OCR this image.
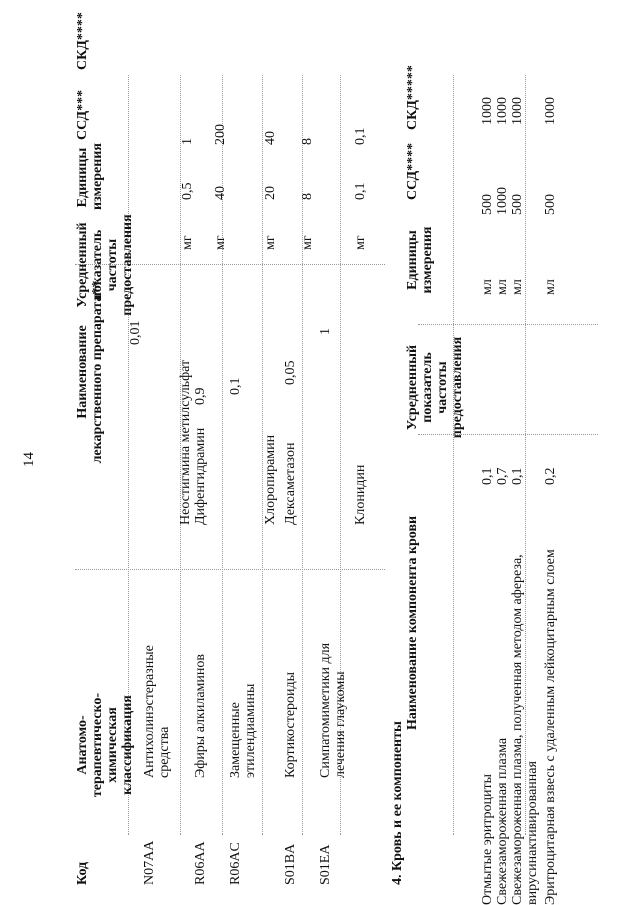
14
Код
Анатомо-терапевтическо-химическая классификация
Наименование лекарственного препарата**
Усредненный показатель частоты предоставления
Единицы измерения
ССД***
СКД****
N07AA
Антихолинэстеразные средства
Неостигмина метилсульфат
0,01
мг
0,5
1
R06AA
Эфиры алкиламинов
Дифенгидрамин
0,9
мг
40
200
R06AC
Замещенные этилендиамины
Хлоропирамин
0,1
мг
20
40
S01BA
Кортикостероиды
Дексаметазон
0,05
мг
8
8
S01EA
Симпатомиметики для лечения глаукомы
Клонидин
1
мг
0,1
0,1
4. Кровь и ее компоненты
Наименование компонента крови
Усредненный показатель частоты предоставления
Единицы измерения
ССД****
СКД*****
Отмытые эритроциты
0,1
мл
500
1000
Свежезамороженная плазма
0,7
мл
1000
1000
Свежезамороженная плазма, полученная методом афереза, вирусинактивированная
0,1
мл
500
1000
Эритроцитарная взвесь с удаленным лейкоцитарным слоем
0,2
мл
500
1000
